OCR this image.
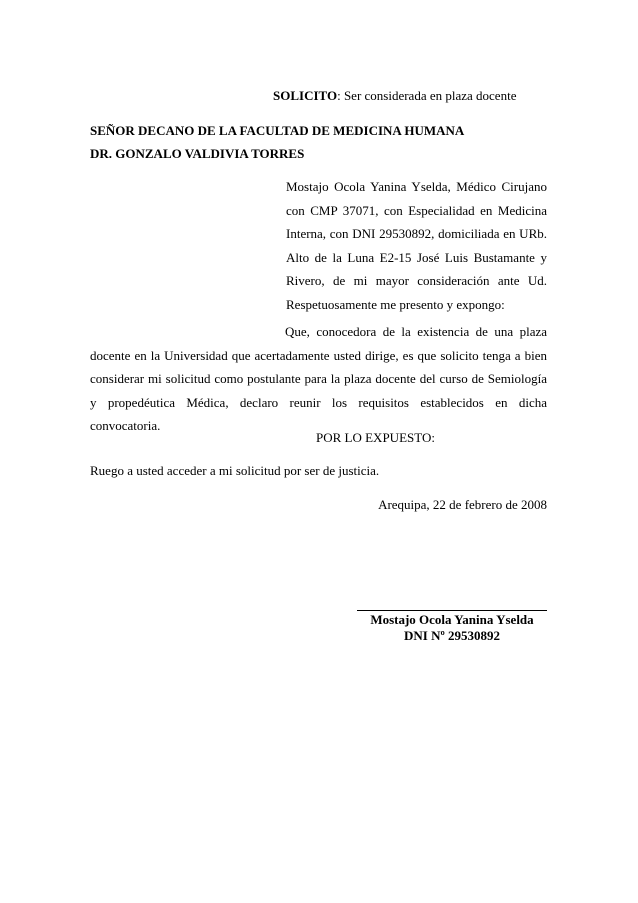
SOLICITO: Ser considerada en plaza docente
SEÑOR DECANO DE LA FACULTAD DE MEDICINA HUMANA
DR. GONZALO VALDIVIA TORRES
Mostajo Ocola Yanina Yselda, Médico Cirujano con CMP 37071, con Especialidad en Medicina Interna, con DNI 29530892, domiciliada en URb. Alto de la Luna E2-15 José Luis Bustamante y Rivero, de mi mayor consideración ante Ud. Respetuosamente me presento y expongo:
Que, conocedora de la existencia de una plaza docente en la Universidad que acertadamente usted dirige, es que solicito tenga a bien considerar mi solicitud como postulante para la plaza docente del curso de Semiología y propedéutica Médica, declaro reunir los requisitos establecidos en dicha convocatoria.
POR LO EXPUESTO:
Ruego a usted acceder a mi solicitud por ser de justicia.
Arequipa, 22 de febrero de 2008
Mostajo Ocola Yanina Yselda
DNI Nº 29530892
